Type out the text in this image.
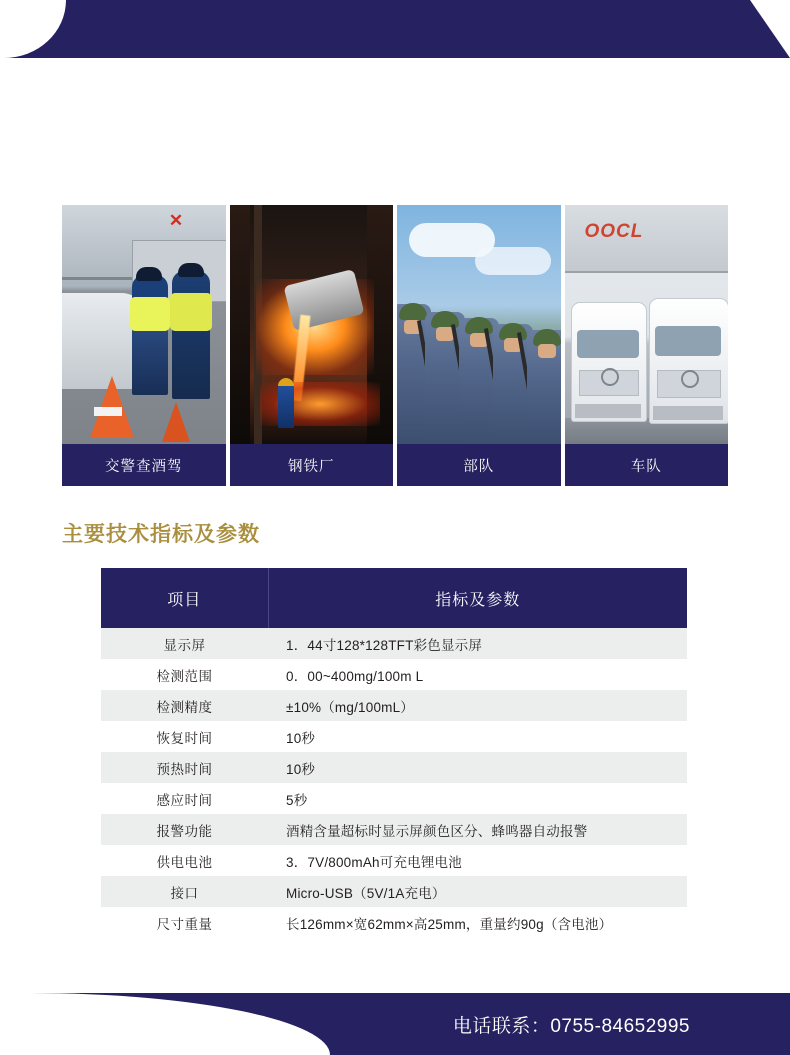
✕
交警查酒驾	钢铁厂	部队
OOCL
车队
主要技术指标及参数
项目	指标及参数
显示屏	1．44寸128*128TFT彩色显示屏
检测范围	0．00~400mg/100m L
检测精度	±10%（mg/100mL）
恢复时间	10秒
预热时间	10秒
感应时间	5秒
报警功能	酒精含量超标时显示屏颜色区分、蜂鸣器自动报警
供电电池	3．7V/800mAh可充电锂电池
接口	Micro-USB（5V/1A充电）
尺寸重量	长126mm×宽62mm×高25mm，重量约90g（含电池）
电话联系：0755-84652995
